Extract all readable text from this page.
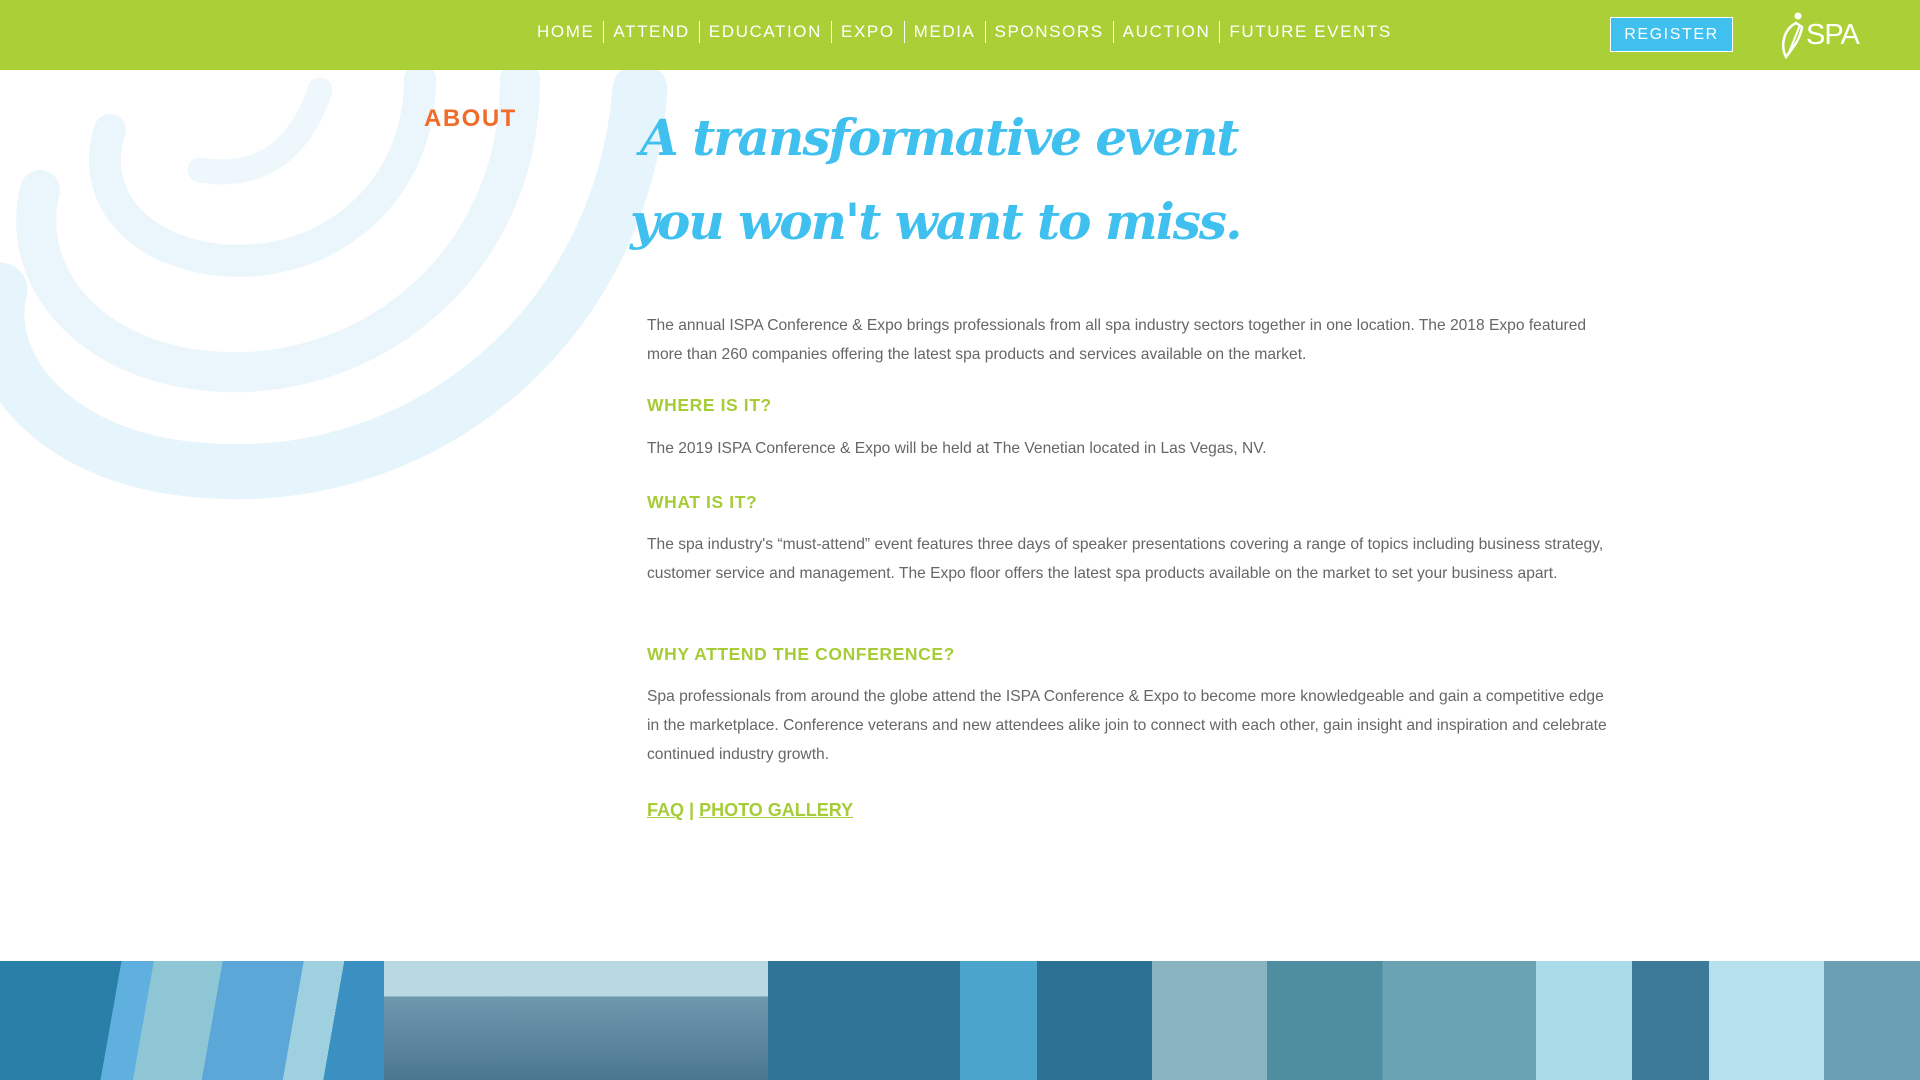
HOME	ATTEND	EDUCATION	EXPO	MEDIA	SPONSORS	AUCTION	FUTURE EVENTS	REGISTER	SPA
ABOUT A transformative event
you won't want to miss.

The annual ISPA Conference & Expo brings professionals from all spa industry sectors together in one location. The 2018 Expo featured more than 260 companies offering the latest spa products and services available on the market.

WHERE IS IT?

The 2019 ISPA Conference & Expo will be held at The Venetian located in Las Vegas, NV.

WHAT IS IT?

The spa industry's “must-attend” event features three days of speaker presentations covering a range of topics including business strategy, customer service and management. The Expo floor offers the latest spa products available on the market to set your business apart.

WHY ATTEND THE CONFERENCE?

Spa professionals from around the globe attend the ISPA Conference & Expo to become more knowledgeable and gain a competitive edge in the marketplace. Conference veterans and new attendees alike join to connect with each other, gain insight and inspiration and celebrate continued industry growth.

FAQ | PHOTO GALLERY
